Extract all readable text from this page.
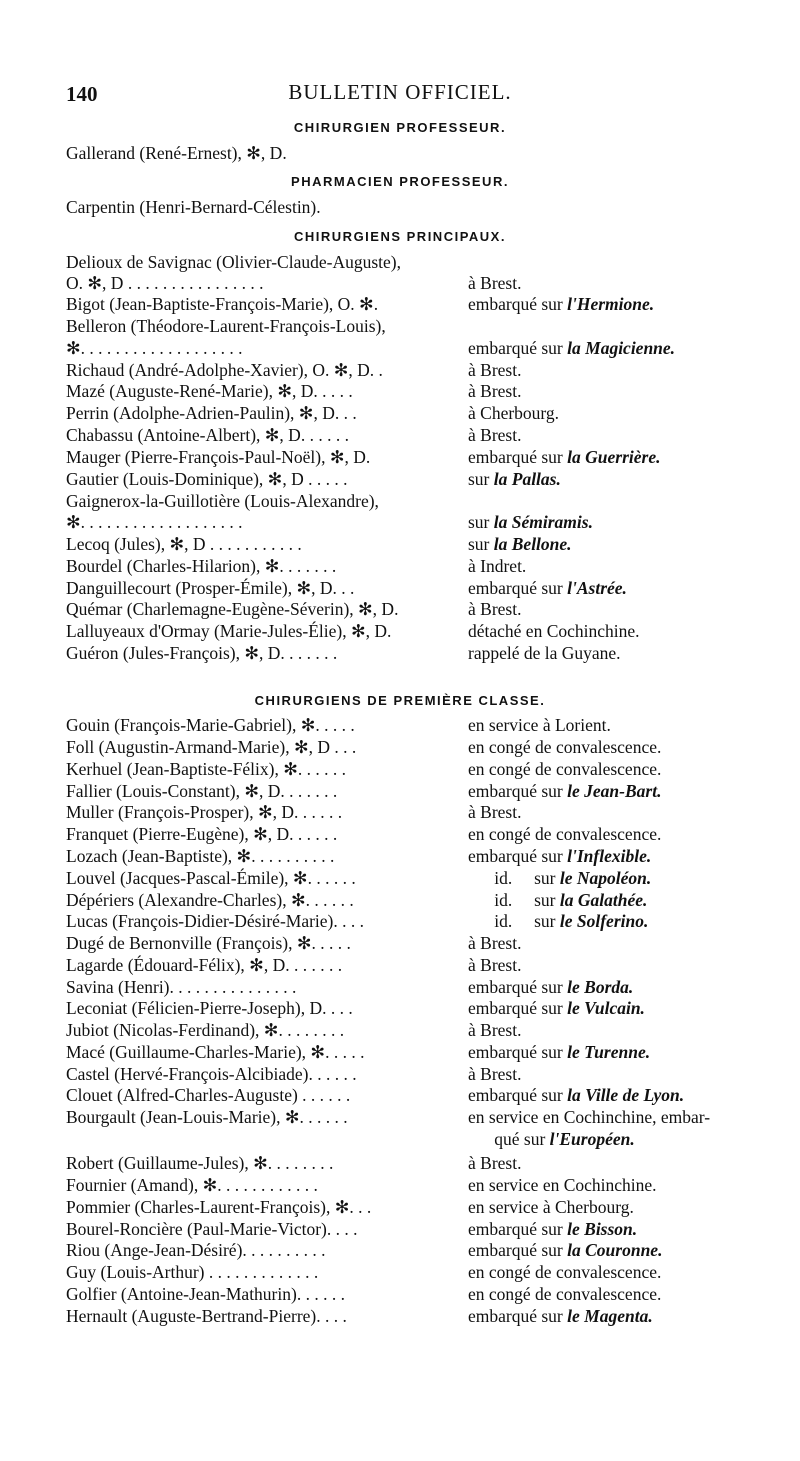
140	BULLETIN OFFICIEL.
CHIRURGIEN PROFESSEUR.
PHARMACIEN PROFESSEUR.
CHIRURGIENS PRINCIPAUX.
CHIRURGIENS DE PREMIÈRE CLASSE.
Gallerand (René-Ernest), ✻, D.
Carpentin (Henri-Bernard-Célestin).
Delioux de Savignac (Olivier-Claude-Auguste),
O. ✻, D . . . . . . . . . . . . . . . .	à Brest.
Bigot (Jean-Baptiste-François-Marie), O. ✻.	embarqué sur l'Hermione.
Belleron (Théodore-Laurent-François-Louis),
✻. . . . . . . . . . . . . . . . . . .	embarqué sur la Magicienne.
Richaud (André-Adolphe-Xavier), O. ✻, D. .	à Brest.
Mazé (Auguste-René-Marie), ✻, D. . . . .	à Brest.
Perrin (Adolphe-Adrien-Paulin), ✻, D. . .	à Cherbourg.
Chabassu (Antoine-Albert), ✻, D. . . . . .	à Brest.
Mauger (Pierre-François-Paul-Noël), ✻, D.	embarqué sur la Guerrière.
Gautier (Louis-Dominique), ✻, D . . . . .	sur la Pallas.
Gaignerox-la-Guillotière (Louis-Alexandre),
✻. . . . . . . . . . . . . . . . . . .	sur la Sémiramis.
Lecoq (Jules), ✻, D . . . . . . . . . . .	sur la Bellone.
Bourdel (Charles-Hilarion), ✻. . . . . . .	à Indret.
Danguillecourt (Prosper-Émile), ✻, D. . .	embarqué sur l'Astrée.
Quémar (Charlemagne-Eugène-Séverin), ✻, D.	à Brest.
Lalluyeaux d'Ormay (Marie-Jules-Élie), ✻, D.	détaché en Cochinchine.
Guéron (Jules-François), ✻, D. . . . . . .	rappelé de la Guyane.
Gouin (François-Marie-Gabriel), ✻. . . . .	en service à Lorient.
Foll (Augustin-Armand-Marie), ✻, D . . .	en congé de convalescence.
Kerhuel (Jean-Baptiste-Félix), ✻. . . . . .	en congé de convalescence.
Fallier (Louis-Constant), ✻, D. . . . . . .	embarqué sur le Jean-Bart.
Muller (François-Prosper), ✻, D. . . . . .	à Brest.
Franquet (Pierre-Eugène), ✻, D. . . . . .	en congé de convalescence.
Lozach (Jean-Baptiste), ✻. . . . . . . . . .	embarqué sur l'Inflexible.
Louvel (Jacques-Pascal-Émile), ✻. . . . . .	id.     sur le Napoléon.
Dépériers (Alexandre-Charles), ✻. . . . . .	id.     sur la Galathée.
Lucas (François-Didier-Désiré-Marie). . . .	id.     sur le Solferino.
Dugé de Bernonville (François), ✻. . . . .	à Brest.
Lagarde (Édouard-Félix), ✻, D. . . . . . .	à Brest.
Savina (Henri). . . . . . . . . . . . . . .	embarqué sur le Borda.
Leconiat (Félicien-Pierre-Joseph), D. . . .	embarqué sur le Vulcain.
Jubiot (Nicolas-Ferdinand), ✻. . . . . . . .	à Brest.
Macé (Guillaume-Charles-Marie), ✻. . . . .	embarqué sur le Turenne.
Castel (Hervé-François-Alcibiade). . . . . .	à Brest.
Clouet (Alfred-Charles-Auguste) . . . . . .	embarqué sur la Ville de Lyon.
Bourgault (Jean-Louis-Marie), ✻. . . . . .	en service en Cochinchine, embar-
qué sur l'Européen.
Robert (Guillaume-Jules), ✻. . . . . . . .	à Brest.
Fournier (Amand), ✻. . . . . . . . . . . .	en service en Cochinchine.
Pommier (Charles-Laurent-François), ✻. . .	en service à Cherbourg.
Bourel-Roncière (Paul-Marie-Victor). . . .	embarqué sur le Bisson.
Riou (Ange-Jean-Désiré). . . . . . . . . .	embarqué sur la Couronne.
Guy (Louis-Arthur) . . . . . . . . . . . . .	en congé de convalescence.
Golfier (Antoine-Jean-Mathurin). . . . . .	en congé de convalescence.
Hernault (Auguste-Bertrand-Pierre). . . .	embarqué sur le Magenta.
